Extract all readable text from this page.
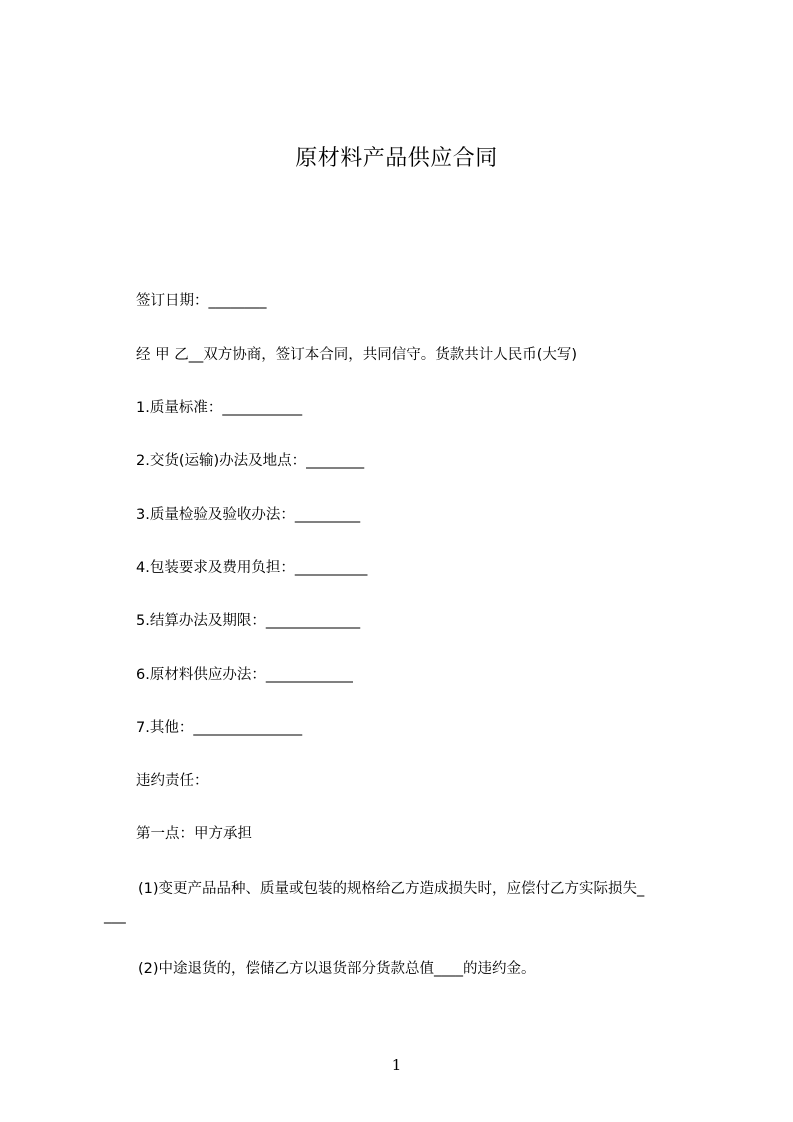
原材料产品供应合同
签订日期：________
经 甲 乙__双方协商，签订本合同，共同信守。货款共计人民币(大写)
1.质量标准：___________
2.交货(运输)办法及地点：________
3.质量检验及验收办法：_________
4.包装要求及费用负担：__________
5.结算办法及期限：_____________
6.原材料供应办法：____________
7.其他：_______________
违约责任：
第一点：甲方承担
(1)变更产品品种、质量或包装的规格给乙方造成损失时，应偿付乙方实际损失_
___
(2)中途退货的，偿储乙方以退货部分货款总值____的违约金。
1
